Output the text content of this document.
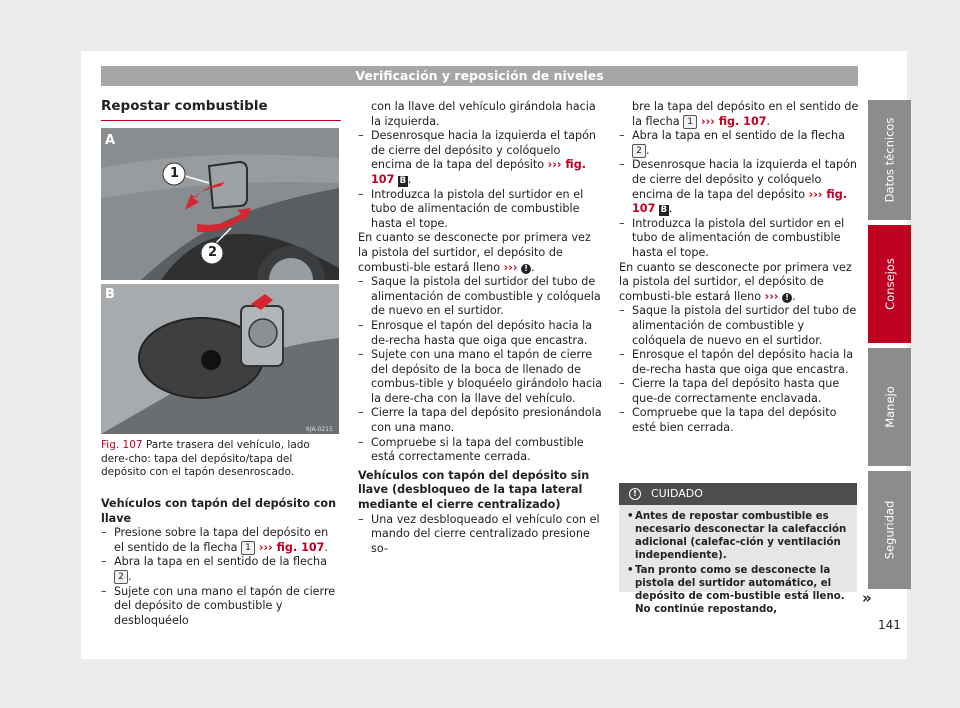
Verificación y reposición de niveles
Repostar combustible
A
B
1
2
6JA-0215
Fig. 107 Parte trasera del vehículo, lado dere-cho: tapa del depósito/tapa del depósito con el tapón desenroscado.

Vehículos con tapón del depósito con llave

– Presione sobre la tapa del depósito en el sentido de la flecha 1 ››› fig. 107.

– Abra la tapa en el sentido de la flecha 2 .

– Sujete con una mano el tapón de cierre del depósito de combustible y desbloquéelo

con la llave del vehículo girándola hacia la izquierda.

– Desenrosque hacia la izquierda el tapón de cierre del depósito y colóquelo encima de la tapa del depósito ››› fig. 107 B .

– Introduzca la pistola del surtidor en el tubo de alimentación de combustible hasta el tope.

En cuanto se desconecte por primera vez la pistola del surtidor, el depósito de combusti-ble estará lleno ››› ! .

– Saque la pistola del surtidor del tubo de alimentación de combustible y colóquela de nuevo en el surtidor.

– Enrosque el tapón del depósito hacia la de-recha hasta que oiga que encastra.

– Sujete con una mano el tapón de cierre del depósito de la boca de llenado de combus-tible y bloquéelo girándolo hacia la dere-cha con la llave del vehículo.

– Cierre la tapa del depósito presionándola con una mano.

– Compruebe si la tapa del combustible está correctamente cerrada.

Vehículos con tapón del depósito sin llave (desbloqueo de la tapa lateral mediante el cierre centralizado)

– Una vez desbloqueado el vehículo con el mando del cierre centralizado presione so-

bre la tapa del depósito en el sentido de la flecha 1 ››› fig. 107.

– Abra la tapa en el sentido de la flecha 2 .

– Desenrosque hacia la izquierda el tapón de cierre del depósito y colóquelo encima de la tapa del depósito ››› fig. 107 B .

– Introduzca la pistola del surtidor en el tubo de alimentación de combustible hasta el tope.

En cuanto se desconecte por primera vez la pistola del surtidor, el depósito de combusti-ble estará lleno ››› ! .

– Saque la pistola del surtidor del tubo de alimentación de combustible y colóquela de nuevo en el surtidor.

– Enrosque el tapón del depósito hacia la de-recha hasta que oiga que encastra.

– Cierre la tapa del depósito hasta que que-de correctamente enclavada.

– Compruebe que la tapa del depósito esté bien cerrada.

!	CUIDADO

• Antes de repostar combustible es necesario desconectar la calefacción adicional (calefac-ción y ventilación independiente).

• Tan pronto como se desconecte la pistola del surtidor automático, el depósito de com-bustible está lleno. No continúe repostando,

»
Datos técnicos
Consejos
Manejo
Seguridad
141
